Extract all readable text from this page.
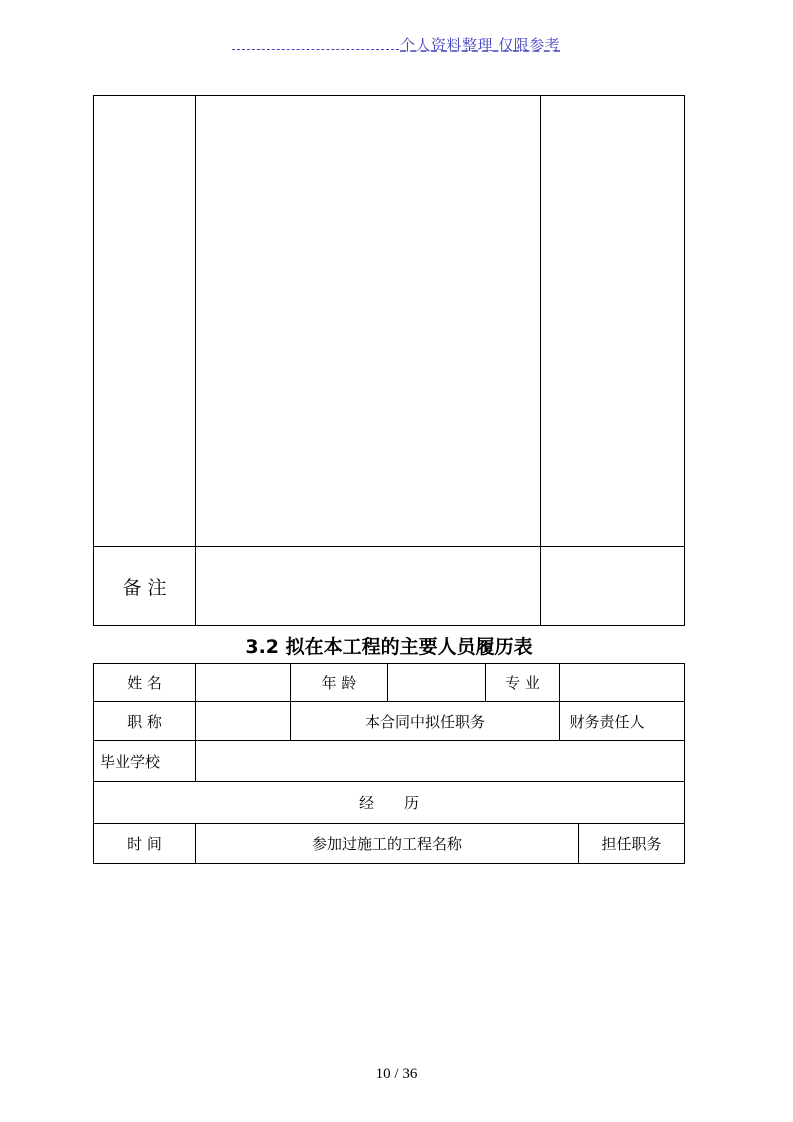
个人资料整理 仅限参考
备 注
3.2 拟在本工程的主要人员履历表
姓 名	年 龄	专 业
职 称	本合同中拟任职务	财务责任人
毕业学校
经　　历
时 间	参加过施工的工程名称	担任职务
10 / 36
